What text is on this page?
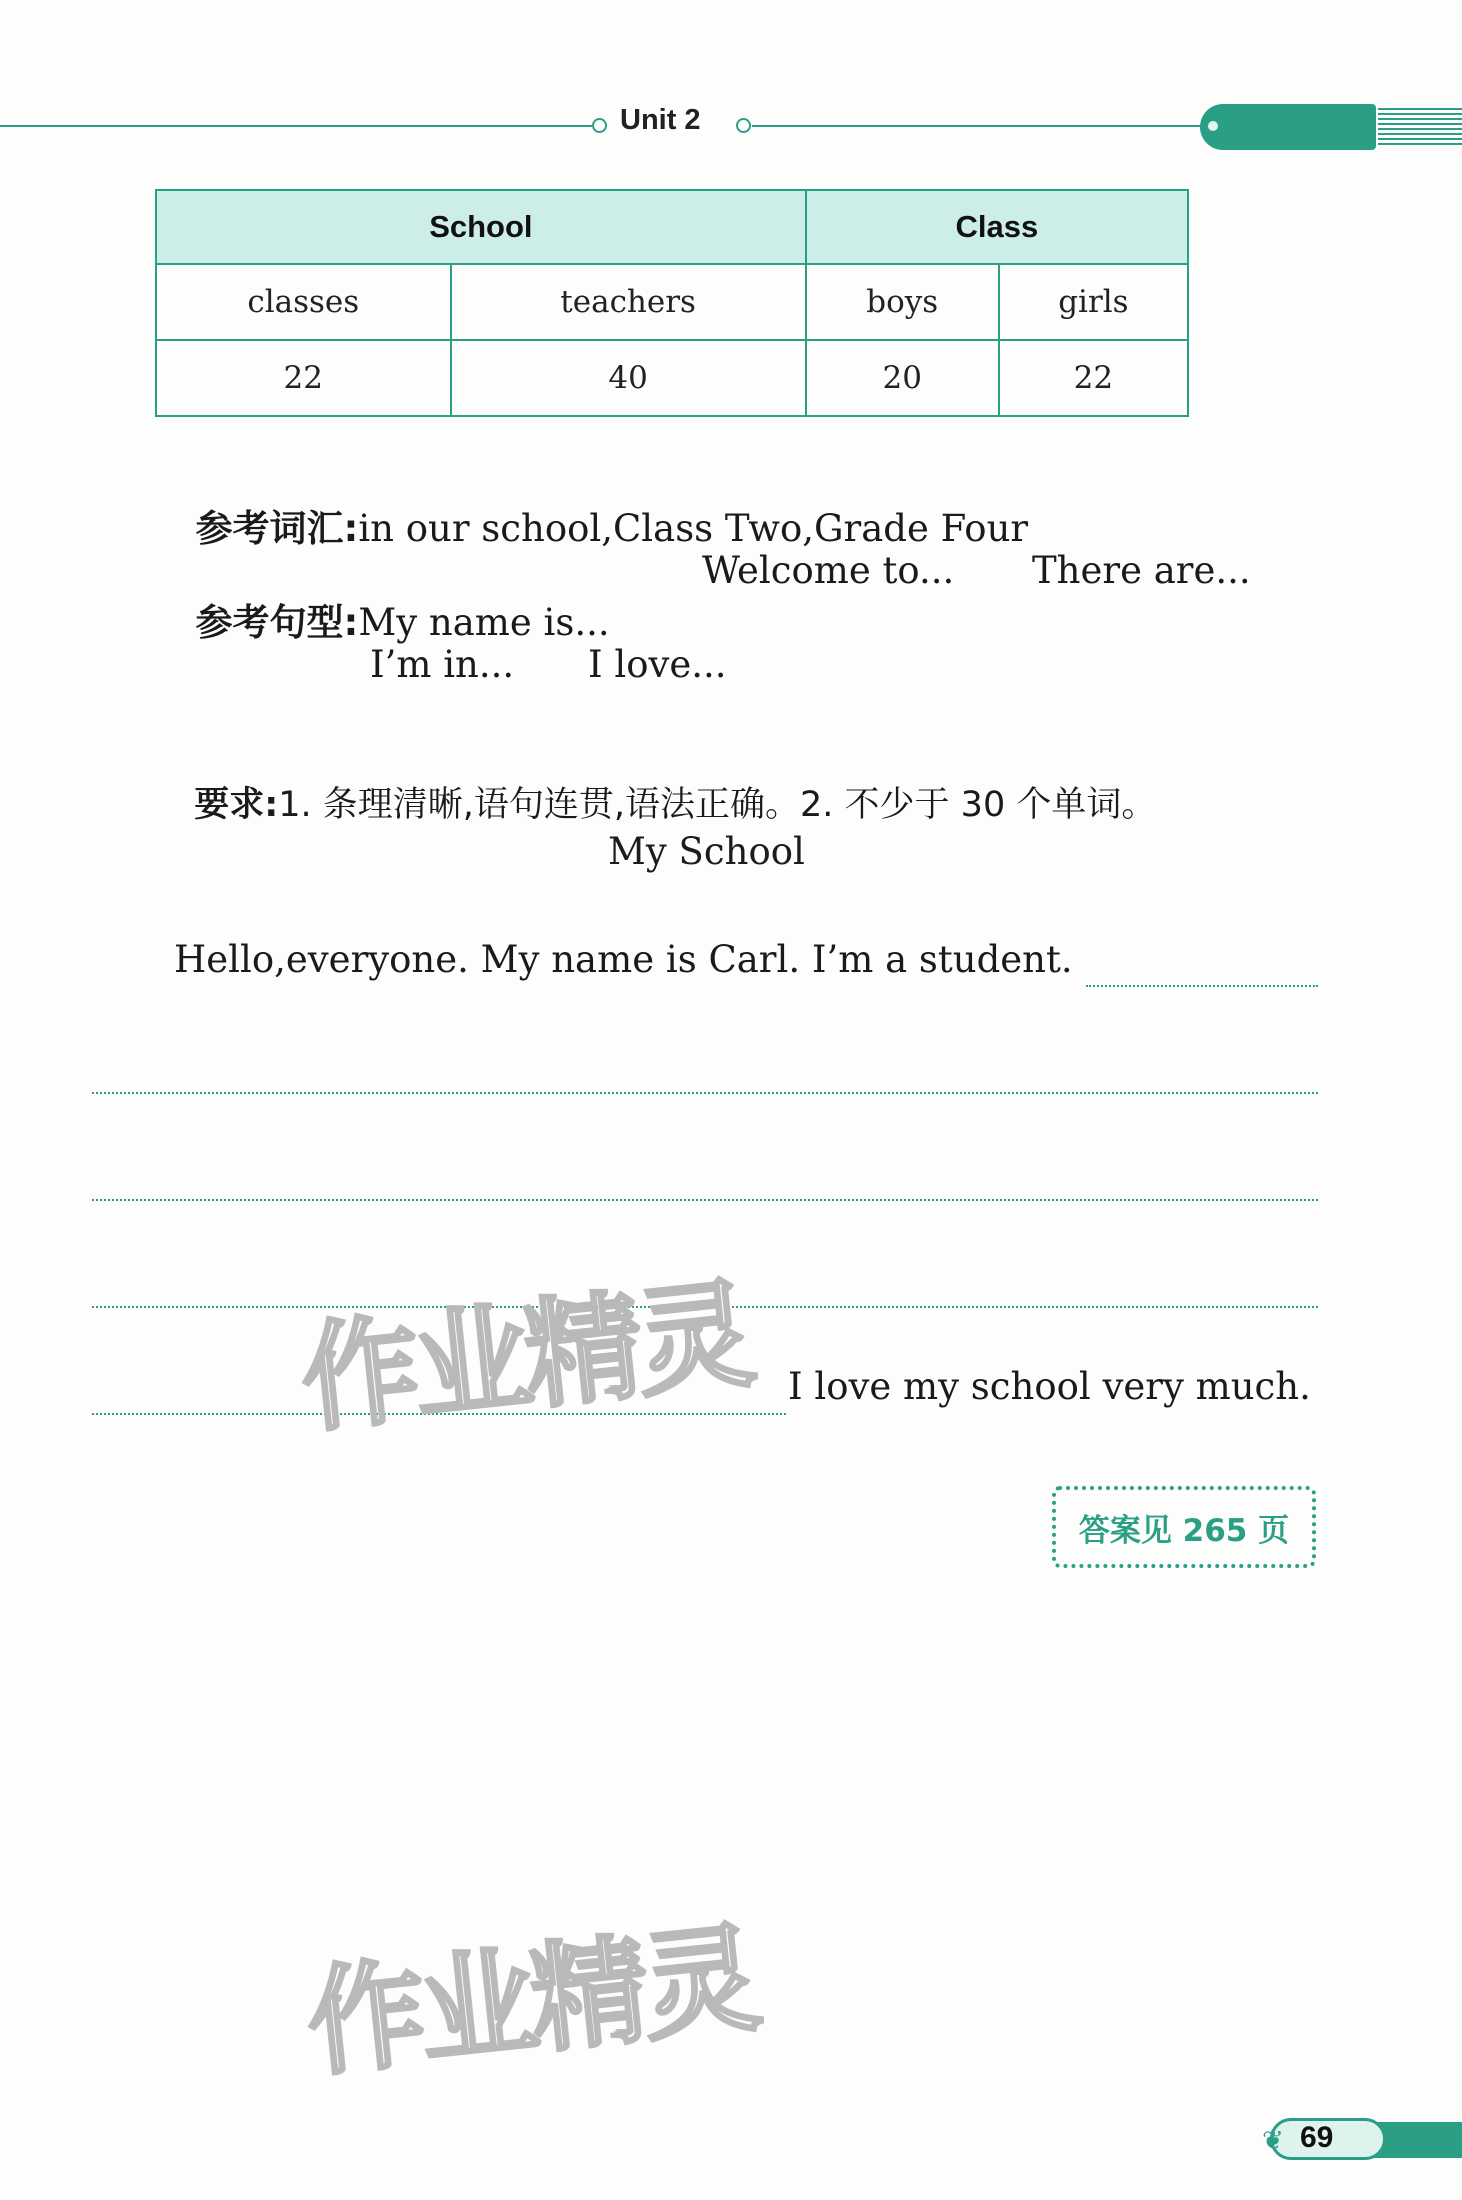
Unit 2
School		Class	
classes	teachers	boys	girls
22	40	20	22

参考词汇:in our school,Class Two,Grade Four

参考句型:My name is...

Welcome to... There are...
I’m in... I love...

要求:1. 条理清晰,语句连贯,语法正确。2. 不少于 30 个单词。

My School
Hello,everyone. My name is Carl. I’m a student.
I love my school very much.
作业精灵
作业精灵
答案见 265 页
❦ 69
